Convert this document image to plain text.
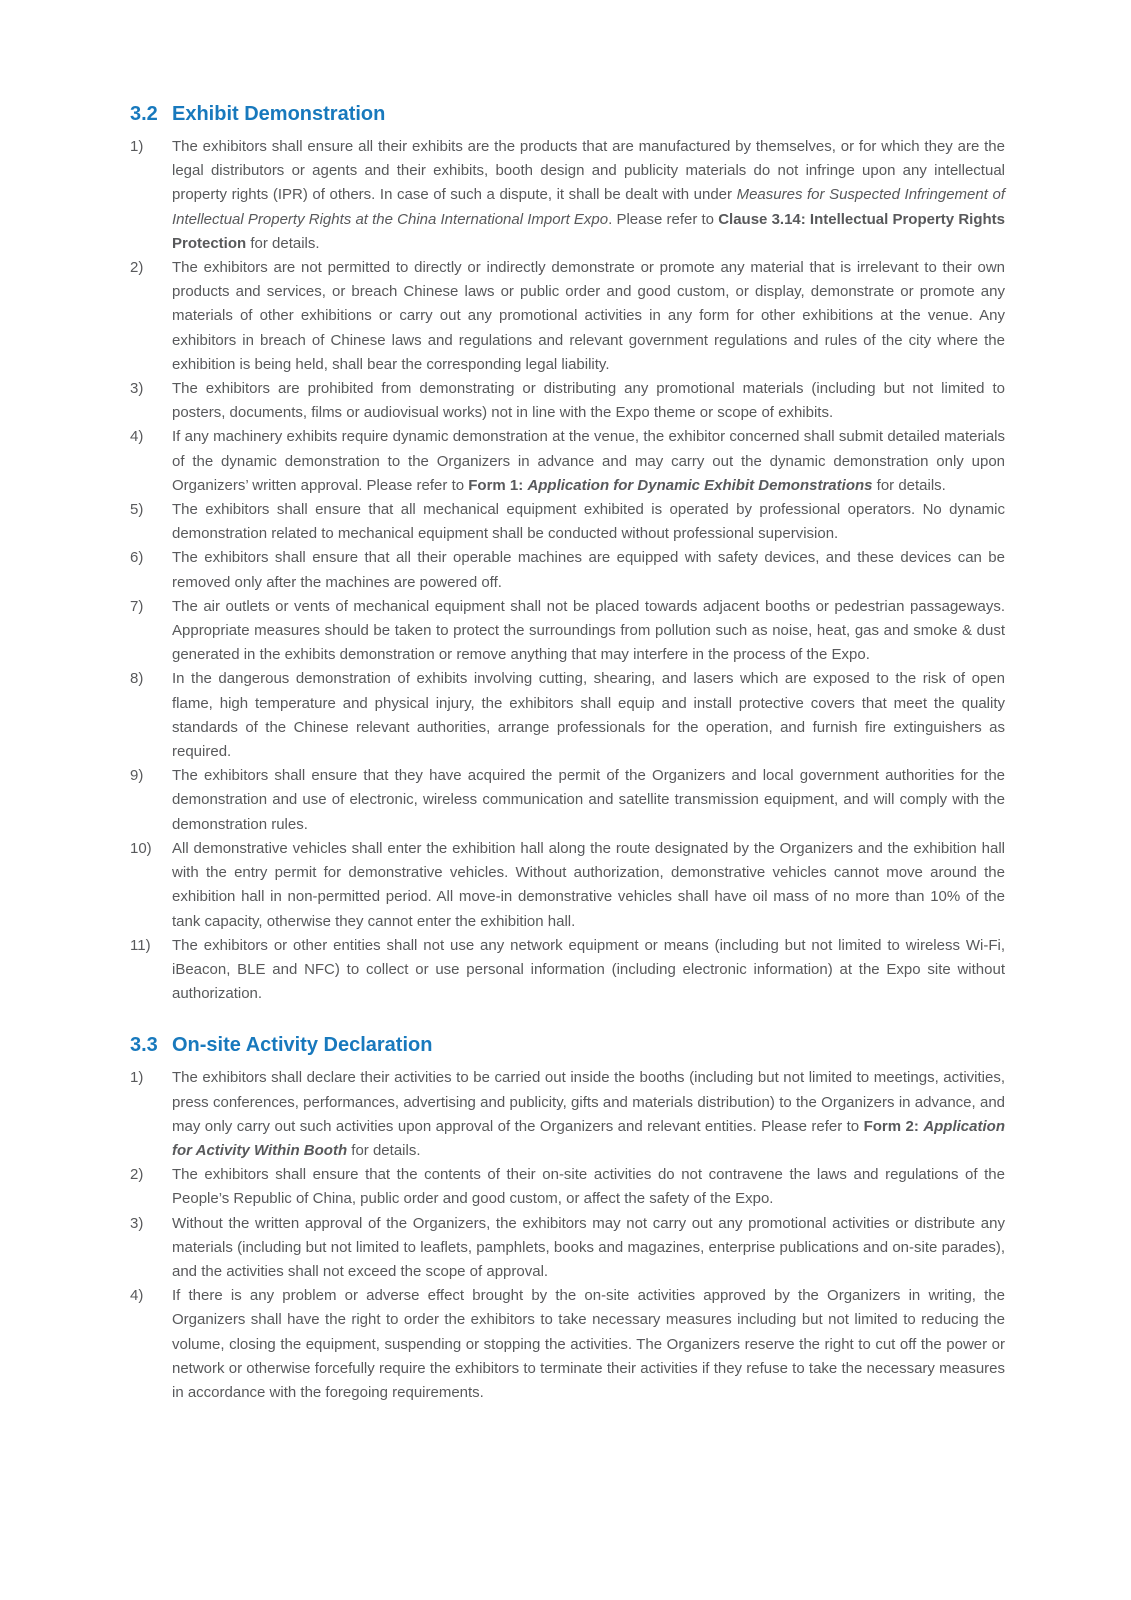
3.2 Exhibit Demonstration
1)	The exhibitors shall ensure all their exhibits are the products that are manufactured by themselves, or for which they are the legal distributors or agents and their exhibits, booth design and publicity materials do not infringe upon any intellectual property rights (IPR) of others. In case of such a dispute, it shall be dealt with under Measures for Suspected Infringement of Intellectual Property Rights at the China International Import Expo. Please refer to Clause 3.14: Intellectual Property Rights Protection for details.

2)	The exhibitors are not permitted to directly or indirectly demonstrate or promote any material that is irrelevant to their own products and services, or breach Chinese laws or public order and good custom, or display, demonstrate or promote any materials of other exhibitions or carry out any promotional activities in any form for other exhibitions at the venue. Any exhibitors in breach of Chinese laws and regulations and relevant government regulations and rules of the city where the exhibition is being held, shall bear the corresponding legal liability.

3)	The exhibitors are prohibited from demonstrating or distributing any promotional materials (including but not limited to posters, documents, films or audiovisual works) not in line with the Expo theme or scope of exhibits.

4)	If any machinery exhibits require dynamic demonstration at the venue, the exhibitor concerned shall submit detailed materials of the dynamic demonstration to the Organizers in advance and may carry out the dynamic demonstration only upon Organizers’ written approval. Please refer to Form 1: Application for Dynamic Exhibit Demonstrations for details.

5)	The exhibitors shall ensure that all mechanical equipment exhibited is operated by professional operators. No dynamic demonstration related to mechanical equipment shall be conducted without professional supervision.

6)	The exhibitors shall ensure that all their operable machines are equipped with safety devices, and these devices can be removed only after the machines are powered off.

7)	The air outlets or vents of mechanical equipment shall not be placed towards adjacent booths or pedestrian passageways. Appropriate measures should be taken to protect the surroundings from pollution such as noise, heat, gas and smoke & dust generated in the exhibits demonstration or remove anything that may interfere in the process of the Expo.

8)	In the dangerous demonstration of exhibits involving cutting, shearing, and lasers which are exposed to the risk of open flame, high temperature and physical injury, the exhibitors shall equip and install protective covers that meet the quality standards of the Chinese relevant authorities, arrange professionals for the operation, and furnish fire extinguishers as required.

9)	The exhibitors shall ensure that they have acquired the permit of the Organizers and local government authorities for the demonstration and use of electronic, wireless communication and satellite transmission equipment, and will comply with the demonstration rules.

10)	All demonstrative vehicles shall enter the exhibition hall along the route designated by the Organizers and the exhibition hall with the entry permit for demonstrative vehicles. Without authorization, demonstrative vehicles cannot move around the exhibition hall in non-permitted period. All move-in demonstrative vehicles shall have oil mass of no more than 10% of the tank capacity, otherwise they cannot enter the exhibition hall.

11)	The exhibitors or other entities shall not use any network equipment or means (including but not limited to wireless Wi-Fi, iBeacon, BLE and NFC) to collect or use personal information (including electronic information) at the Expo site without authorization.

3.3 On-site Activity Declaration
1)	The exhibitors shall declare their activities to be carried out inside the booths (including but not limited to meetings, activities, press conferences, performances, advertising and publicity, gifts and materials distribution) to the Organizers in advance, and may only carry out such activities upon approval of the Organizers and relevant entities. Please refer to Form 2: Application for Activity Within Booth for details.

2)	The exhibitors shall ensure that the contents of their on-site activities do not contravene the laws and regulations of the People’s Republic of China, public order and good custom, or affect the safety of the Expo.

3)	Without the written approval of the Organizers, the exhibitors may not carry out any promotional activities or distribute any materials (including but not limited to leaflets, pamphlets, books and magazines, enterprise publications and on-site parades), and the activities shall not exceed the scope of approval.

4)	If there is any problem or adverse effect brought by the on-site activities approved by the Organizers in writing, the Organizers shall have the right to order the exhibitors to take necessary measures including but not limited to reducing the volume, closing the equipment, suspending or stopping the activities. The Organizers reserve the right to cut off the power or network or otherwise forcefully require the exhibitors to terminate their activities if they refuse to take the necessary measures in accordance with the foregoing requirements.
